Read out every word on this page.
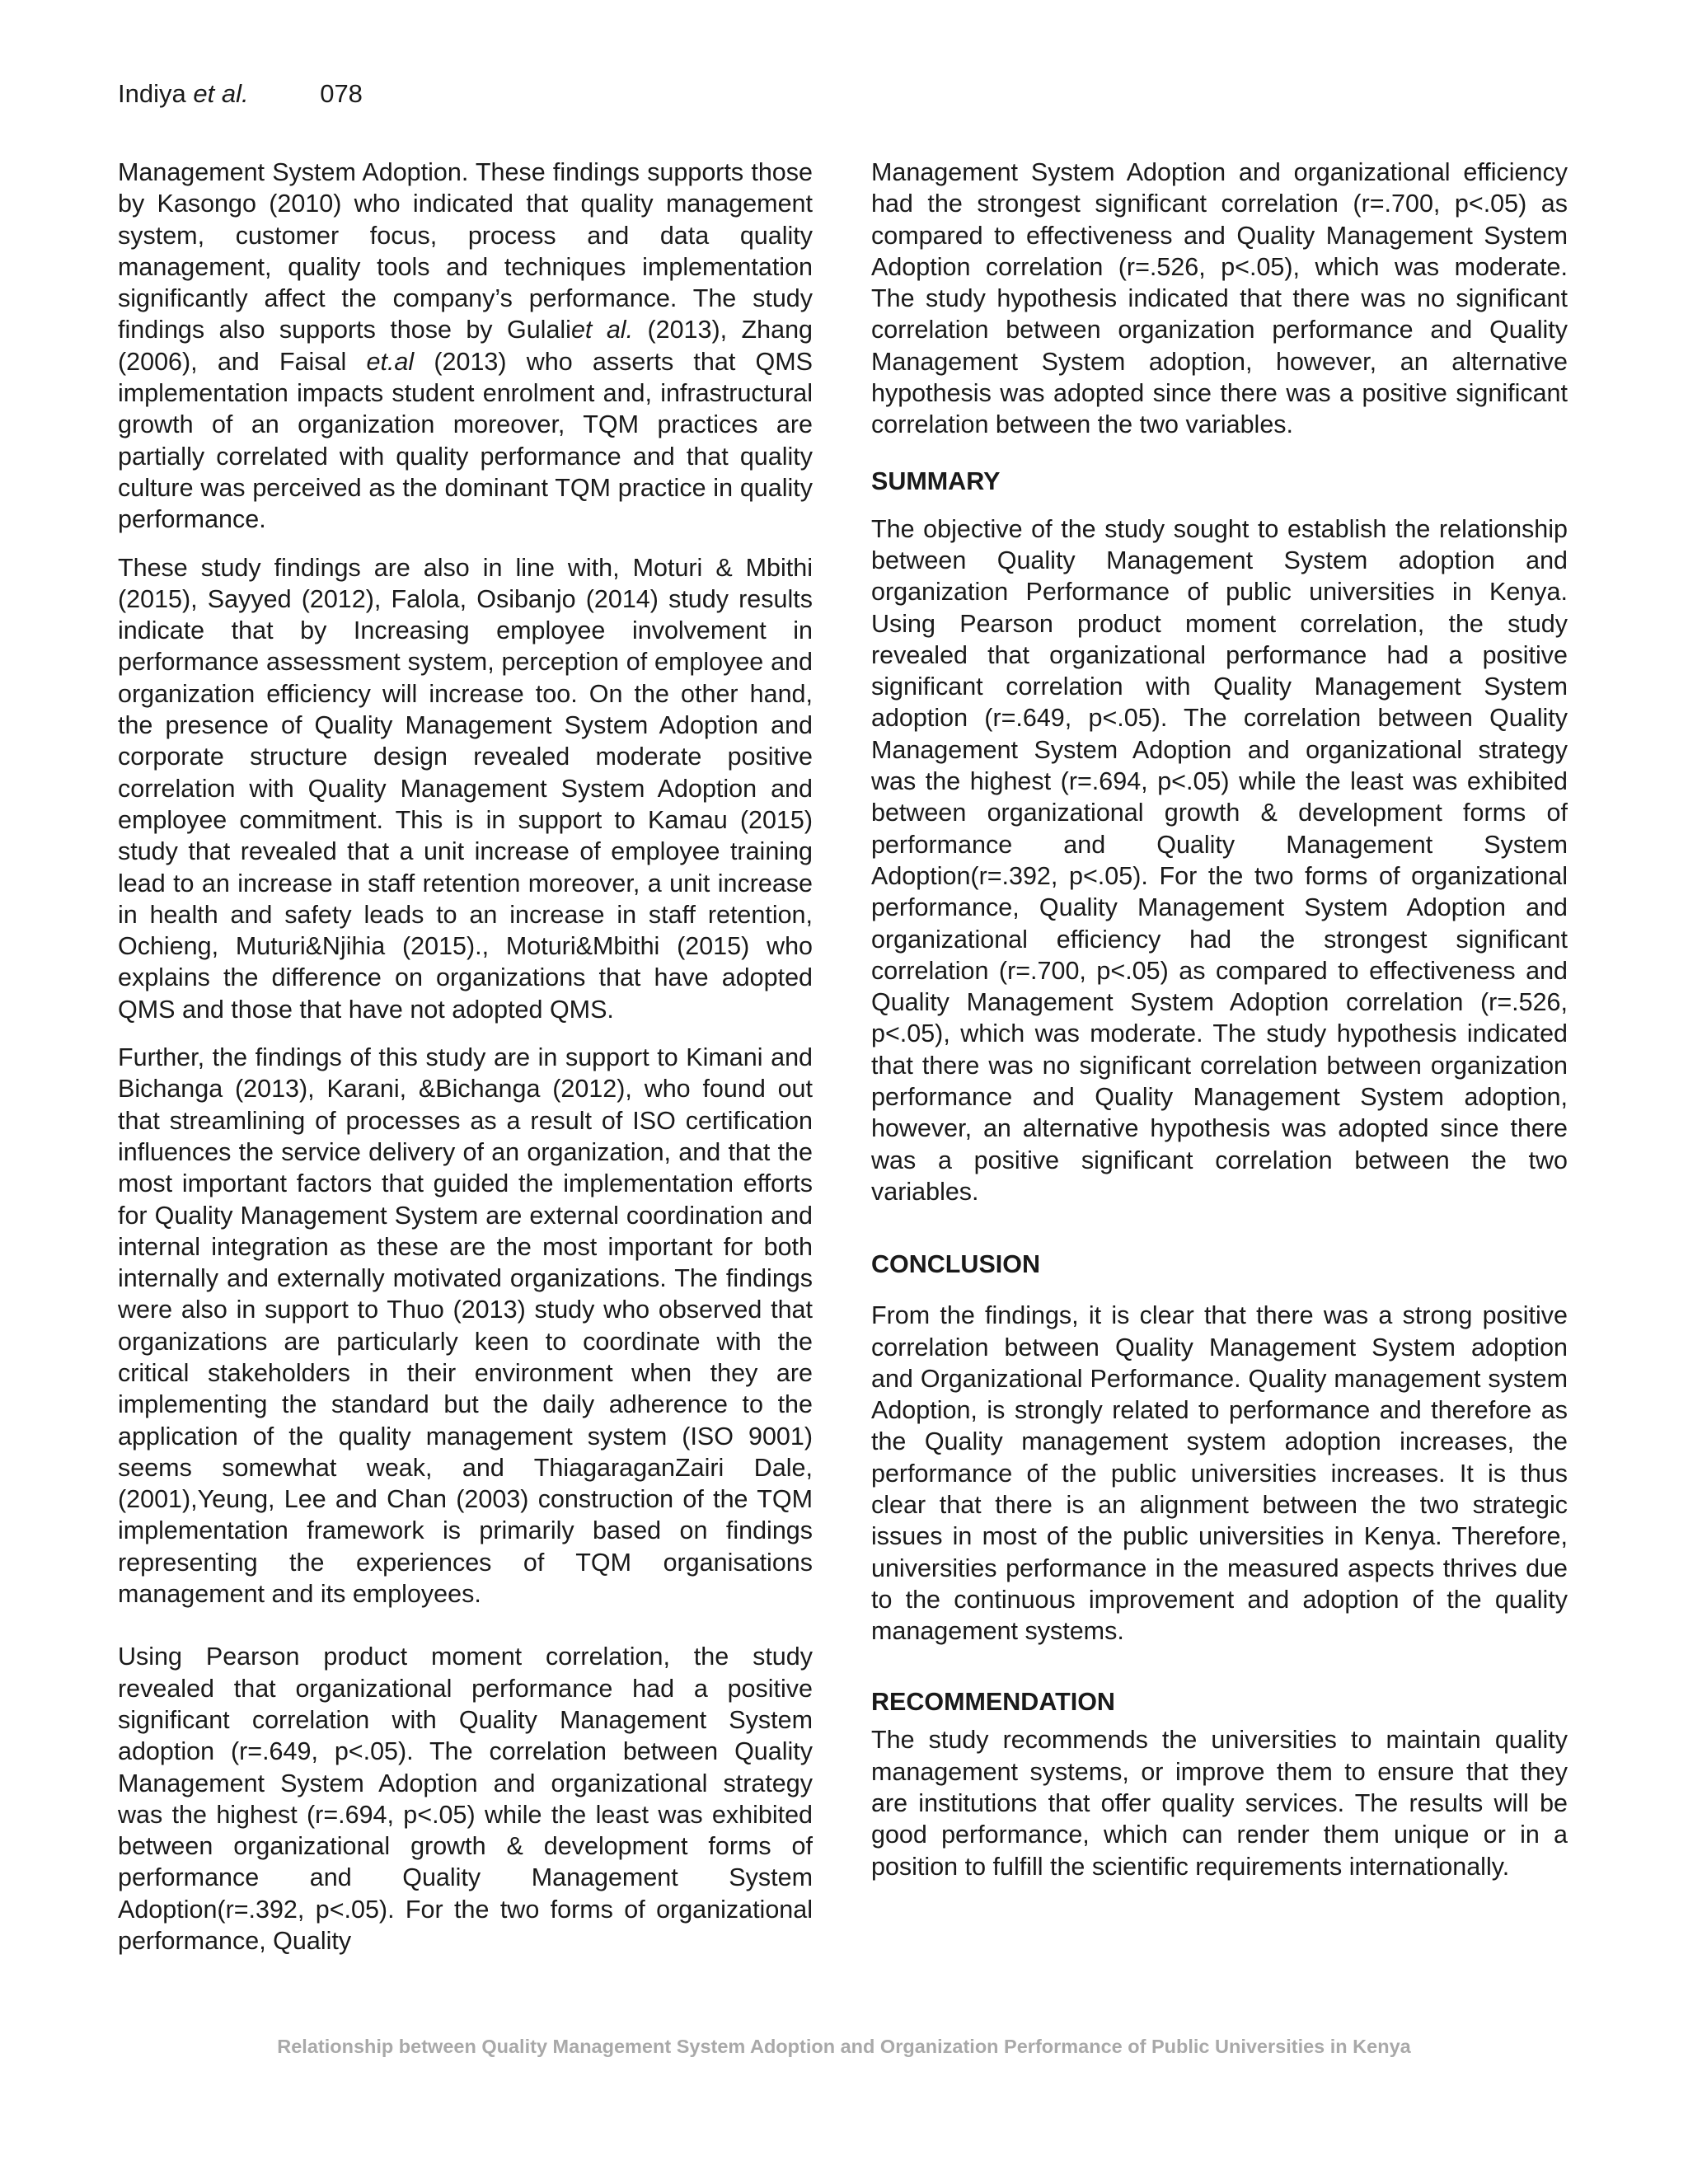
Indiya et al.	078

Management System Adoption. These findings supports those by Kasongo (2010) who indicated that quality management system, customer focus, process and data quality management, quality tools and techniques implementation significantly affect the company’s performance. The study findings also supports those by Gulaliet al. (2013), Zhang (2006), and Faisal et.al (2013) who asserts that QMS implementation impacts student enrolment and, infrastructural growth of an organization moreover, TQM practices are partially correlated with quality performance and that quality culture was perceived as the dominant TQM practice in quality performance.

These study findings are also in line with, Moturi & Mbithi (2015), Sayyed (2012), Falola, Osibanjo (2014) study results indicate that by Increasing employee involvement in performance assessment system, perception of employee and organization efficiency will increase too. On the other hand, the presence of Quality Management System Adoption and corporate structure design revealed moderate positive correlation with Quality Management System Adoption and employee commitment. This is in support to Kamau (2015) study that revealed that a unit increase of employee training lead to an increase in staff retention moreover, a unit increase in health and safety leads to an increase in staff retention, Ochieng, Muturi&Njihia (2015)., Moturi&Mbithi (2015) who explains the difference on organizations that have adopted QMS and those that have not adopted QMS.

Further, the findings of this study are in support to Kimani and Bichanga (2013), Karani, &Bichanga (2012), who found out that streamlining of processes as a result of ISO certification influences the service delivery of an organization, and that the most important factors that guided the implementation efforts for Quality Management System are external coordination and internal integration as these are the most important for both internally and externally motivated organizations. The findings were also in support to Thuo (2013) study who observed that organizations are particularly keen to coordinate with the critical stakeholders in their environment when they are implementing the standard but the daily adherence to the application of the quality management system (ISO 9001) seems somewhat weak, and ThiagaraganZairi Dale, (2001),Yeung, Lee and Chan (2003) construction of the TQM implementation framework is primarily based on findings representing the experiences of TQM organisations management and its employees.

Using Pearson product moment correlation, the study revealed that organizational performance had a positive significant correlation with Quality Management System adoption (r=.649, p<.05). The correlation between Quality Management System Adoption and organizational strategy was the highest (r=.694, p<.05) while the least was exhibited between organizational growth & development forms of performance and Quality Management System Adoption(r=.392, p<.05). For the two forms of organizational performance, Quality

Management System Adoption and organizational efficiency had the strongest significant correlation (r=.700, p<.05) as compared to effectiveness and Quality Management System Adoption correlation (r=.526, p<.05), which was moderate. The study hypothesis indicated that there was no significant correlation between organization performance and Quality Management System adoption, however, an alternative hypothesis was adopted since there was a positive significant correlation between the two variables.

SUMMARY

The objective of the study sought to establish the relationship between Quality Management System adoption and organization Performance of public universities in Kenya. Using Pearson product moment correlation, the study revealed that organizational performance had a positive significant correlation with Quality Management System adoption (r=.649, p<.05). The correlation between Quality Management System Adoption and organizational strategy was the highest (r=.694, p<.05) while the least was exhibited between organizational growth & development forms of performance and Quality Management System Adoption(r=.392, p<.05). For the two forms of organizational performance, Quality Management System Adoption and organizational efficiency had the strongest significant correlation (r=.700, p<.05) as compared to effectiveness and Quality Management System Adoption correlation (r=.526, p<.05), which was moderate. The study hypothesis indicated that there was no significant correlation between organization performance and Quality Management System adoption, however, an alternative hypothesis was adopted since there was a positive significant correlation between the two variables.

CONCLUSION

From the findings, it is clear that there was a strong positive correlation between Quality Management System adoption and Organizational Performance. Quality management system Adoption, is strongly related to performance and therefore as the Quality management system adoption increases, the performance of the public universities increases. It is thus clear that there is an alignment between the two strategic issues in most of the public universities in Kenya. Therefore, universities performance in the measured aspects thrives due to the continuous improvement and adoption of the quality management systems.

RECOMMENDATION

The study recommends the universities to maintain quality management systems, or improve them to ensure that they are institutions that offer quality services. The results will be good performance, which can render them unique or in a position to fulfill the scientific requirements internationally.

Relationship between Quality Management System Adoption and Organization Performance of Public Universities in Kenya
